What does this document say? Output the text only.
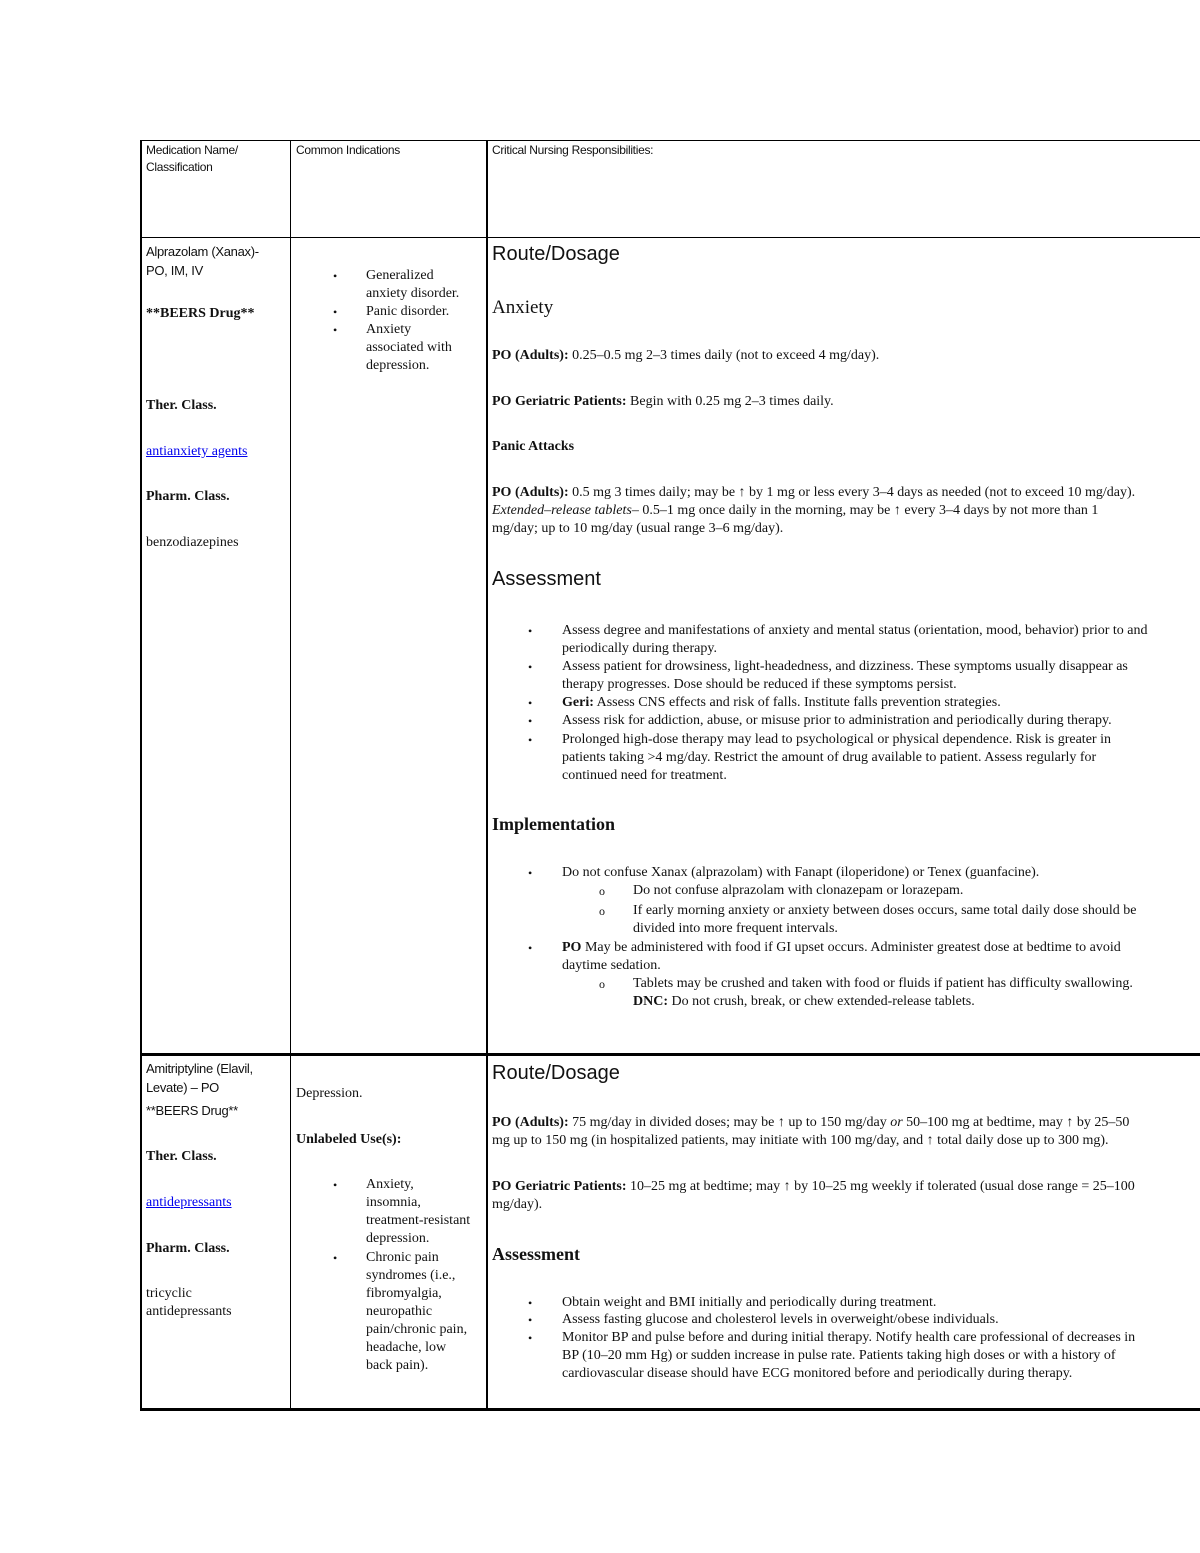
Medication Name/
Classification
Common Indications	Critical Nursing Responsibilities:
Alprazolam (Xanax)-
PO, IM, IV
**BEERS Drug**
Ther. Class.
antianxiety agents
Pharm. Class.
benzodiazepines
• Generalized
anxiety disorder.
• Panic disorder.
• Anxiety
associated with
depression.
Route/Dosage
Anxiety
PO (Adults): 0.25–0.5 mg 2–3 times daily (not to exceed 4 mg/day).
PO Geriatric Patients: Begin with 0.25 mg 2–3 times daily.
Panic Attacks
PO (Adults): 0.5 mg 3 times daily; may be ↑ by 1 mg or less every 3–4 days as needed (not to exceed 10 mg/day).
Extended–release tablets– 0.5–1 mg once daily in the morning, may be ↑ every 3–4 days by not more than 1
mg/day; up to 10 mg/day (usual range 3–6 mg/day).
Assessment
• Assess degree and manifestations of anxiety and mental status (orientation, mood, behavior) prior to and
periodically during therapy.
• Assess patient for drowsiness, light-headedness, and dizziness. These symptoms usually disappear as
therapy progresses. Dose should be reduced if these symptoms persist.
• Geri: Assess CNS effects and risk of falls. Institute falls prevention strategies.
• Assess risk for addiction, abuse, or misuse prior to administration and periodically during therapy.
• Prolonged high-dose therapy may lead to psychological or physical dependence. Risk is greater in
patients taking >4 mg/day. Restrict the amount of drug available to patient. Assess regularly for
continued need for treatment.
Implementation
• Do not confuse Xanax (alprazolam) with Fanapt (iloperidone) or Tenex (guanfacine).
o Do not confuse alprazolam with clonazepam or lorazepam.
o If early morning anxiety or anxiety between doses occurs, same total daily dose should be
divided into more frequent intervals.
• PO May be administered with food if GI upset occurs. Administer greatest dose at bedtime to avoid
daytime sedation.
o Tablets may be crushed and taken with food or fluids if patient has difficulty swallowing.
DNC: Do not crush, break, or chew extended-release tablets.
Amitriptyline (Elavil,
Levate) – PO
**BEERS Drug**
Ther. Class.
antidepressants
Pharm. Class.
tricyclic
antidepressants
Depression.
Unlabeled Use(s):
• Anxiety,
insomnia,
treatment-resistant
depression.
• Chronic pain
syndromes (i.e.,
fibromyalgia,
neuropathic
pain/chronic pain,
headache, low
back pain).
Route/Dosage
PO (Adults): 75 mg/day in divided doses; may be ↑ up to 150 mg/day or 50–100 mg at bedtime, may ↑ by 25–50
mg up to 150 mg (in hospitalized patients, may initiate with 100 mg/day, and ↑ total daily dose up to 300 mg).
PO Geriatric Patients: 10–25 mg at bedtime; may ↑ by 10–25 mg weekly if tolerated (usual dose range = 25–100
mg/day).
Assessment
• Obtain weight and BMI initially and periodically during treatment.
• Assess fasting glucose and cholesterol levels in overweight/obese individuals.
• Monitor BP and pulse before and during initial therapy. Notify health care professional of decreases in
BP (10–20 mm Hg) or sudden increase in pulse rate. Patients taking high doses or with a history of
cardiovascular disease should have ECG monitored before and periodically during therapy.
